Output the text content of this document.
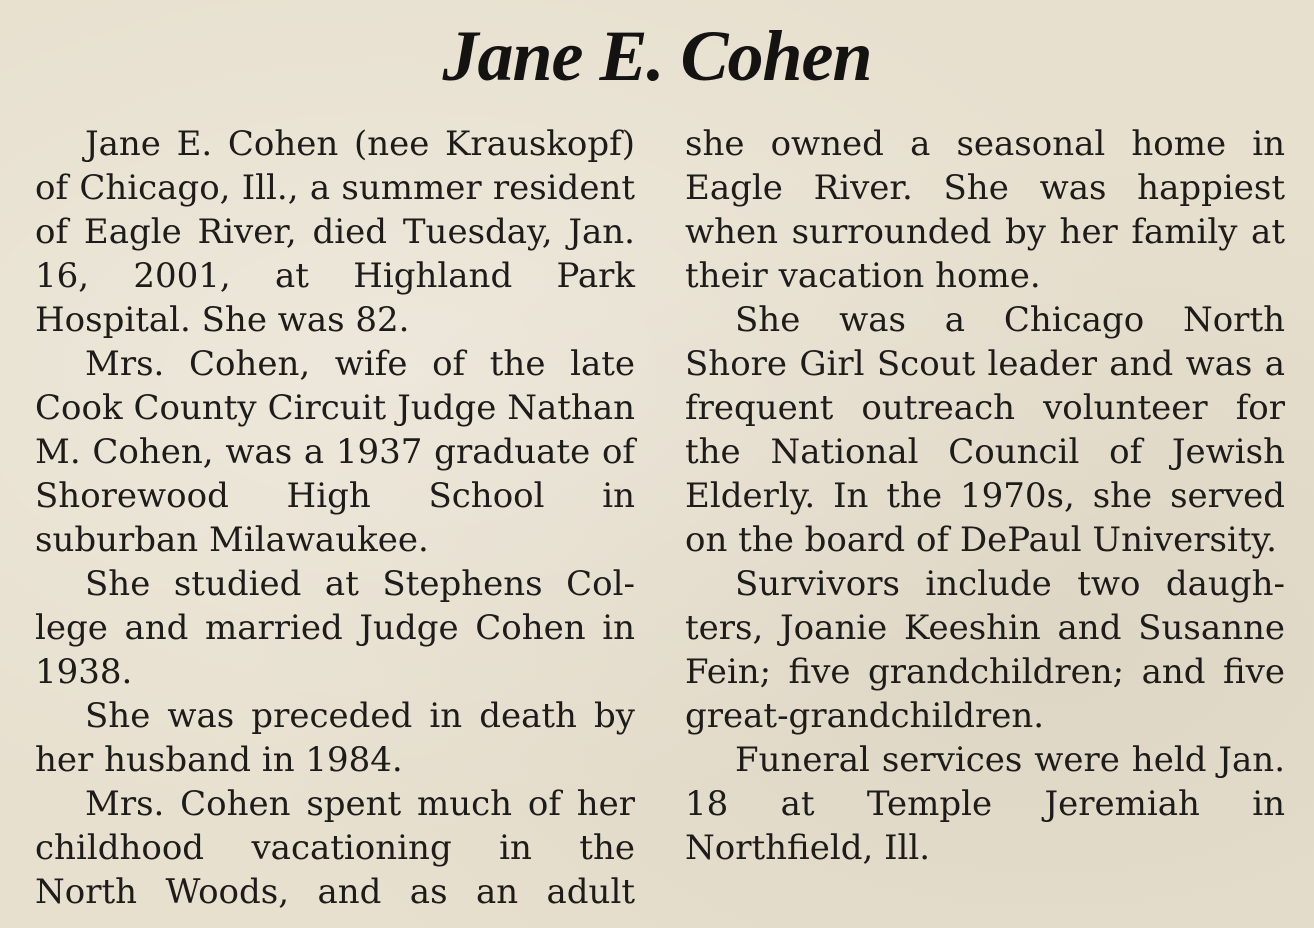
Jane E. Cohen

Jane E. Cohen (nee Krauskopf) of Chicago, Ill., a summer resident of Eagle River, died Tuesday, Jan. 16, 2001, at Highland Park Hospital. She was 82.

Mrs. Cohen, wife of the late Cook County Circuit Judge Nathan M. Cohen, was a 1937 graduate of Shorewood High School in suburban Milawaukee.

She studied at Stephens College and married Judge Cohen in 1938.

She was preceded in death by her husband in 1984.

Mrs. Cohen spent much of her childhood vacationing in the North Woods, and as an adult

she owned a seasonal home in Eagle River. She was happiest when surrounded by her family at their vacation home.

She was a Chicago North Shore Girl Scout leader and was a frequent outreach volunteer for the National Council of Jewish Elderly. In the 1970s, she served on the board of DePaul University.

Survivors include two daughters, Joanie Keeshin and Susanne Fein; five grandchildren; and five great-grandchildren.

Funeral services were held Jan. 18 at Temple Jeremiah in Northfield, Ill.
